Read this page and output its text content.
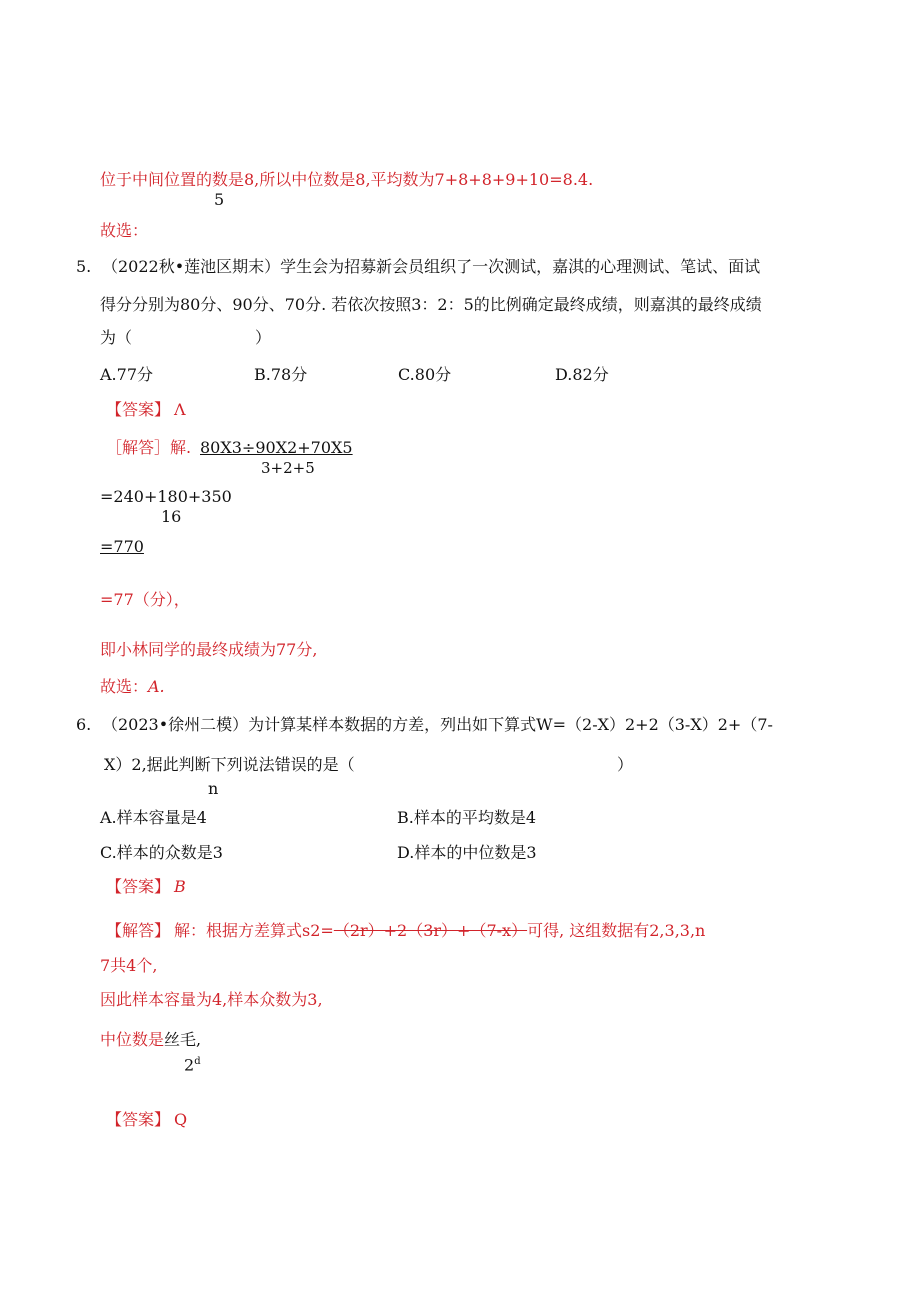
位于中间位置的数是8,所以中位数是8,平均数为7+8+8+9+10=8.4.
5
故选：
5. （2022秋•莲池区期末）学生会为招募新会员组织了一次测试，嘉淇的心理测试、笔试、面试
得分分别为80分、90分、70分. 若依次按照3：2：5的比例确定最终成绩，则嘉淇的最终成绩
为（	）
A.77分	B.78分	C.80分	D.82分
【答案】 Λ
［解答］解. 80X3÷90X2+70X5
3+2+5
=240+180+350
16
=770
=77（分），
即小林同学的最终成绩为77分,
故选： A.
6. （2023•徐州二模）为计算某样本数据的方差，列出如下算式W=（2-X）2+2（3-X）2+（7-
X）2,据此判断下列说法错误的是（	）
n
A.样本容量是4	B.样本的平均数是4
C.样本的众数是3	D.样本的中位数是3
【答案】 B
【解答】 解：根据方差算式s2=（2r）+2（3r）+（7-x）可得, 这组数据有2,3,3,n
7共4个,
因此样本容量为4,样本众数为3,
中位数是丝毛,
2$^d$
【答案】 Q
